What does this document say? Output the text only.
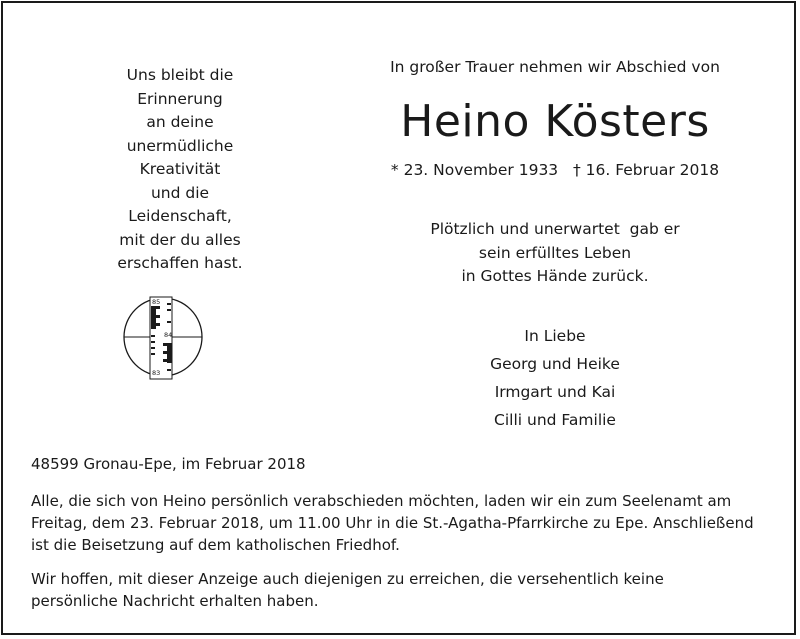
Uns bleibt die
Erinnerung
an deine
unermüdliche
Kreativität
und die
Leidenschaft,
mit der du alles
erschaffen hast.
85
84
83
In großer Trauer nehmen wir Abschied von
Heino Kösters
* 23. November 1933   † 16. Februar 2018
Plötzlich und unerwartet  gab er
sein erfülltes Leben
in Gottes Hände zurück.
In Liebe
Georg und Heike
Irmgart und Kai
Cilli und Familie
48599 Gronau-Epe, im Februar 2018
Alle, die sich von Heino persönlich verabschieden möchten, laden wir ein zum Seelenamt am
Freitag, dem 23. Februar 2018, um 11.00 Uhr in die St.-Agatha-Pfarrkirche zu Epe. Anschließend
ist die Beisetzung auf dem katholischen Friedhof.
Wir hoffen, mit dieser Anzeige auch diejenigen zu erreichen, die versehentlich keine
persönliche Nachricht erhalten haben.
